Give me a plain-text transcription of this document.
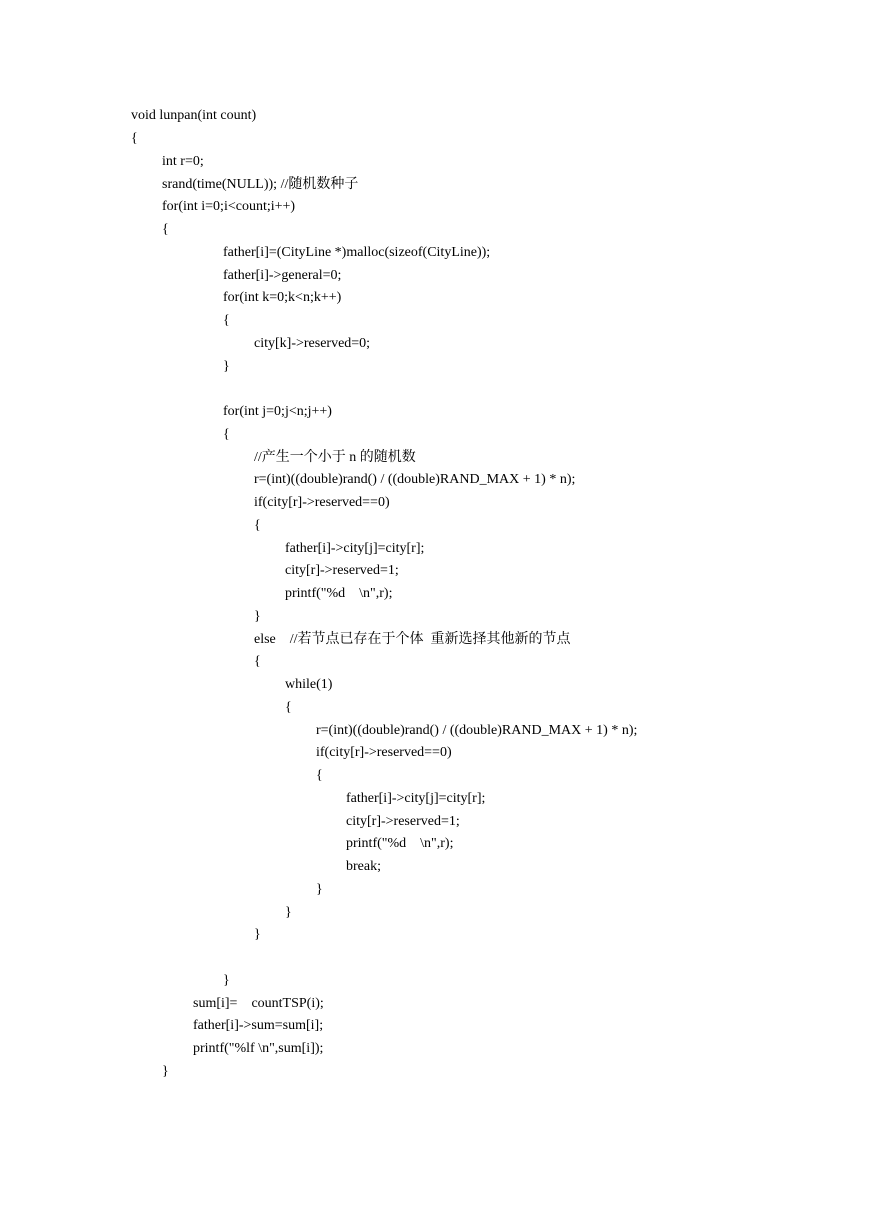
void lunpan(int count)
{
int r=0;
srand(time(NULL)); //随机数种子
for(int i=0;i<count;i++)
{
father[i]=(CityLine *)malloc(sizeof(CityLine));
father[i]->general=0;
for(int k=0;k<n;k++)
{
city[k]->reserved=0;
}
for(int j=0;j<n;j++)
{
//产生一个小于 n 的随机数
r=(int)((double)rand() / ((double)RAND_MAX + 1) * n);
if(city[r]->reserved==0)
{
father[i]->city[j]=city[r];
city[r]->reserved=1;
printf("%d    \n",r);
}
else    //若节点已存在于个体  重新选择其他新的节点
{
while(1)
{
r=(int)((double)rand() / ((double)RAND_MAX + 1) * n);
if(city[r]->reserved==0)
{
father[i]->city[j]=city[r];
city[r]->reserved=1;
printf("%d    \n",r);
break;
}
}
}
}
sum[i]=    countTSP(i);
father[i]->sum=sum[i];
printf("%lf \n",sum[i]);
}
